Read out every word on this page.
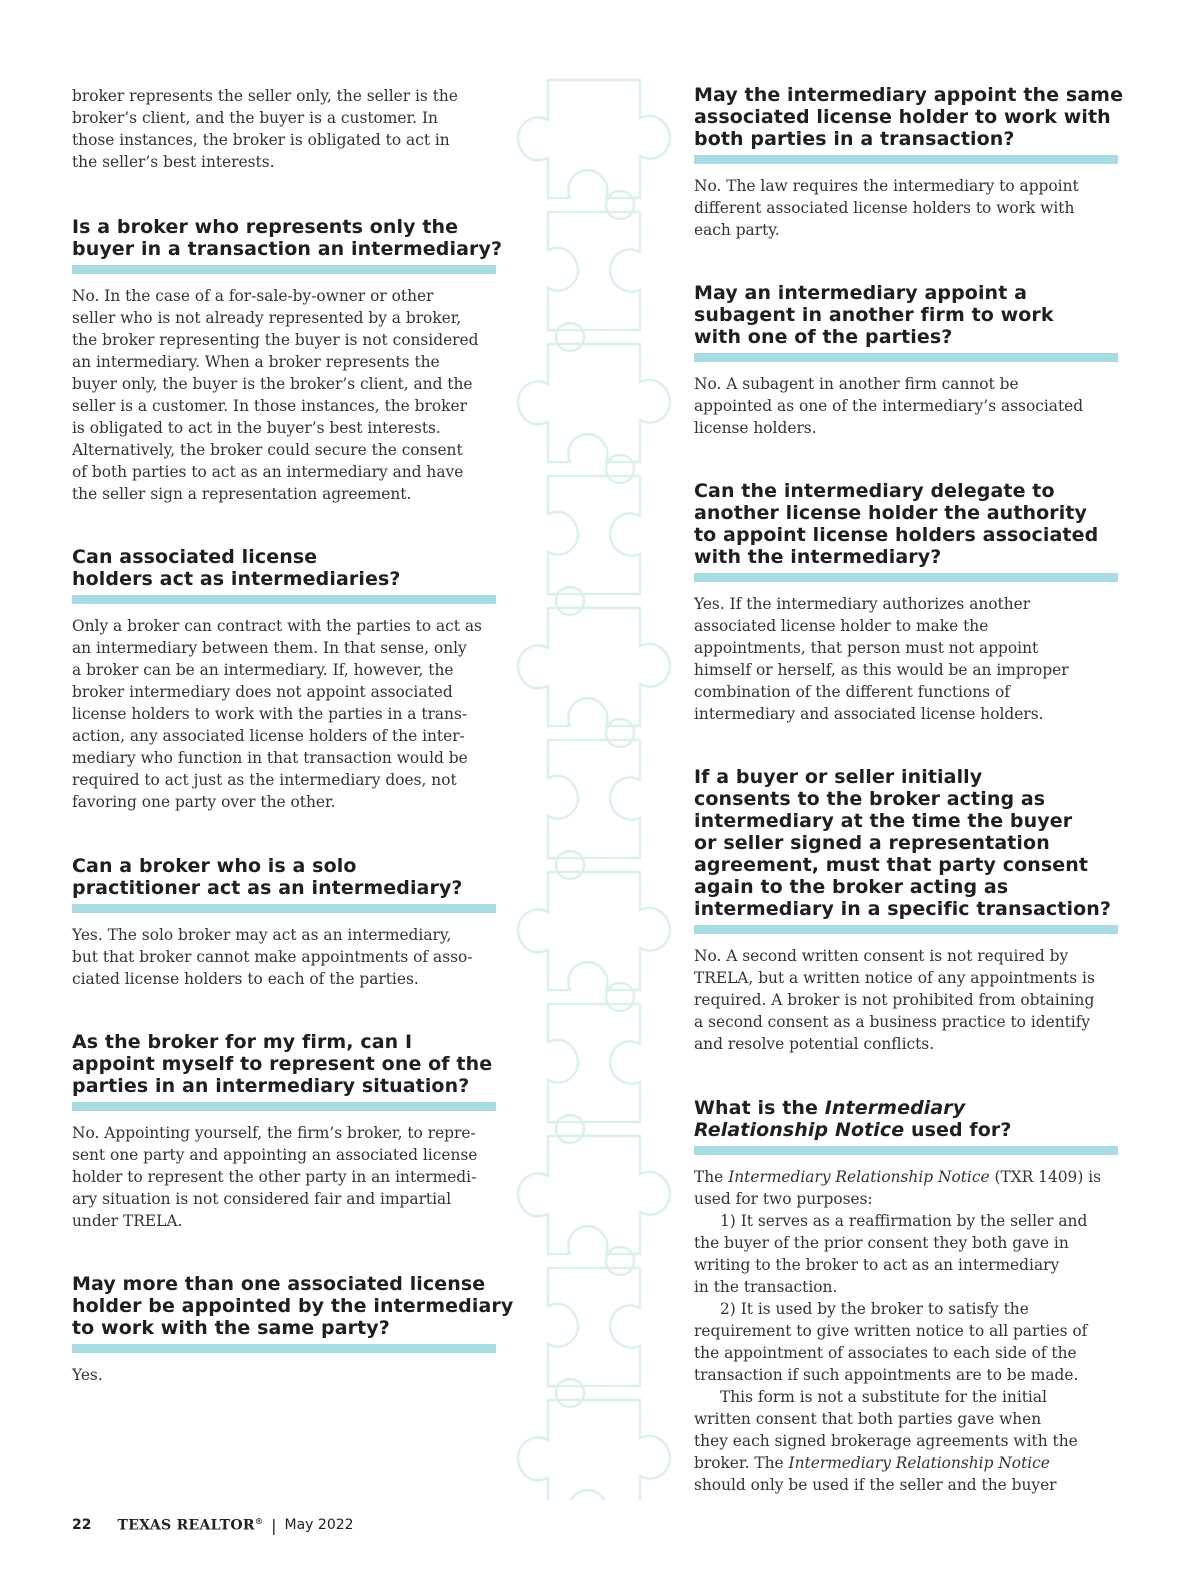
broker represents the seller only, the seller is the
broker’s client, and the buyer is a customer. In
those instances, the broker is obligated to act in
the seller’s best interests.

Is a broker who represents only the
buyer in a transaction an intermediary?

No. In the case of a for-sale-by-owner or other
seller who is not already represented by a broker,
the broker representing the buyer is not considered
an intermediary. When a broker represents the
buyer only, the buyer is the broker’s client, and the
seller is a customer. In those instances, the broker
is obligated to act in the buyer’s best interests.
Alternatively, the broker could secure the consent
of both parties to act as an intermediary and have
the seller sign a representation agreement.

Can associated license
holders act as intermediaries?

Only a broker can contract with the parties to act as
an intermediary between them. In that sense, only
a broker can be an intermediary. If, however, the
broker intermediary does not appoint associated
license holders to work with the parties in a trans-
action, any associated license holders of the inter-
mediary who function in that transaction would be
required to act just as the intermediary does, not
favoring one party over the other.

Can a broker who is a solo
practitioner act as an intermediary?

Yes. The solo broker may act as an intermediary,
but that broker cannot make appointments of asso-
ciated license holders to each of the parties.

As the broker for my firm, can I
appoint myself to represent one of the
parties in an intermediary situation?

No. Appointing yourself, the firm’s broker, to repre-
sent one party and appointing an associated license
holder to represent the other party in an intermedi-
ary situation is not considered fair and impartial
under TRELA.

May more than one associated license
holder be appointed by the intermediary
to work with the same party?

Yes.

May the intermediary appoint the same
associated license holder to work with
both parties in a transaction?

No. The law requires the intermediary to appoint
different associated license holders to work with
each party.

May an intermediary appoint a
subagent in another firm to work
with one of the parties?

No. A subagent in another firm cannot be
appointed as one of the intermediary’s associated
license holders.

Can the intermediary delegate to
another license holder the authority
to appoint license holders associated
with the intermediary?

Yes. If the intermediary authorizes another
associated license holder to make the
appointments, that person must not appoint
himself or herself, as this would be an improper
combination of the different functions of
intermediary and associated license holders.

If a buyer or seller initially
consents to the broker acting as
intermediary at the time the buyer
or seller signed a representation
agreement, must that party consent
again to the broker acting as
intermediary in a specific transaction?

No. A second written consent is not required by
TRELA, but a written notice of any appointments is
required. A broker is not prohibited from obtaining
a second consent as a business practice to identify
and resolve potential conflicts.

What is the Intermediary
Relationship Notice used for?

The Intermediary Relationship Notice (TXR 1409) is
used for two purposes:
1) It serves as a reaffirmation by the seller and
the buyer of the prior consent they both gave in
writing to the broker to act as an intermediary
in the transaction.
2) It is used by the broker to satisfy the
requirement to give written notice to all parties of
the appointment of associates to each side of the
transaction if such appointments are to be made.
This form is not a substitute for the initial
written consent that both parties gave when
they each signed brokerage agreements with the
broker. The Intermediary Relationship Notice
should only be used if the seller and the buyer

22 TEXAS REALTOR® | May 2022
